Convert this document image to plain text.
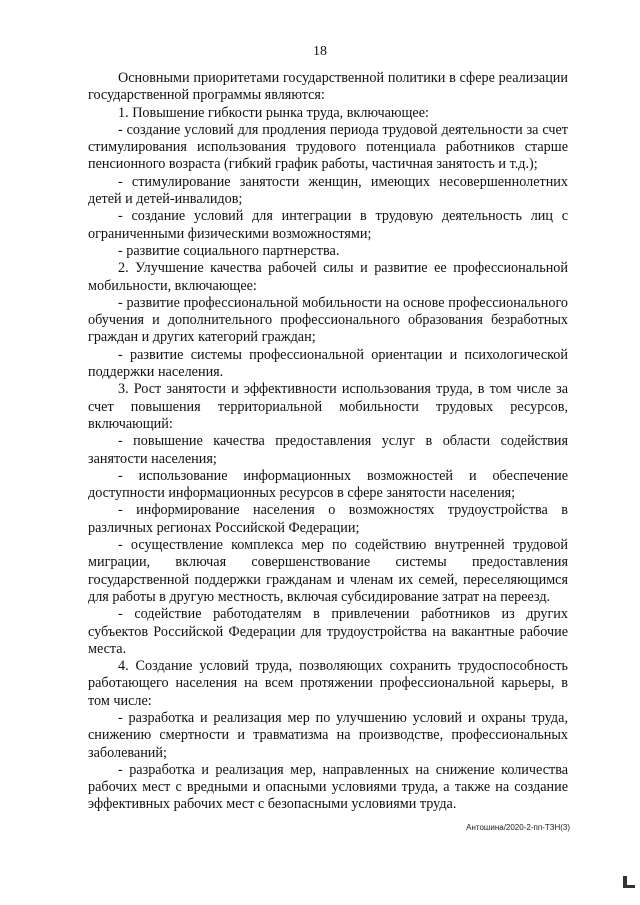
18

Основными приоритетами государственной политики в сфере реализации государственной программы являются:

1. Повышение гибкости рынка труда, включающее:

- создание условий для продления периода трудовой деятельности за счет стимулирования использования трудового потенциала работников старше пенсионного возраста (гибкий график работы, частичная занятость и т.д.);

- стимулирование занятости женщин, имеющих несовершеннолетних детей и детей-инвалидов;

- создание условий для интеграции в трудовую деятельность лиц с ограниченными физическими возможностями;

- развитие социального партнерства.

2. Улучшение качества рабочей силы и развитие ее профессиональной мобильности, включающее:

- развитие профессиональной мобильности на основе профессионального обучения и дополнительного профессионального образования безработных граждан и других категорий граждан;

- развитие системы профессиональной ориентации и психологической поддержки населения.

3. Рост занятости и эффективности использования труда, в том числе за счет повышения территориальной мобильности трудовых ресурсов, включающий:

- повышение качества предоставления услуг в области содействия занятости населения;

- использование информационных возможностей и обеспечение доступности информационных ресурсов в сфере занятости населения;

- информирование населения о возможностях трудоустройства в различных регионах Российской Федерации;

- осуществление комплекса мер по содействию внутренней трудовой миграции, включая совершенствование системы предоставления государственной поддержки гражданам и членам их семей, переселяющимся для работы в другую местность, включая субсидирование затрат на переезд.

- содействие работодателям в привлечении работников из других субъектов Российской Федерации для трудоустройства на вакантные рабочие места.

4. Создание условий труда, позволяющих сохранить трудоспособность работающего населения на всем протяжении профессиональной карьеры, в том числе:

- разработка и реализация мер по улучшению условий и охраны труда, снижению смертности и травматизма на производстве, профессиональных заболеваний;

- разработка и реализация мер, направленных на снижение количества рабочих мест с вредными и опасными условиями труда, а также на создание эффективных рабочих мест с безопасными условиями труда.

Антошина/2020-2-пп-ТЗН(3)
